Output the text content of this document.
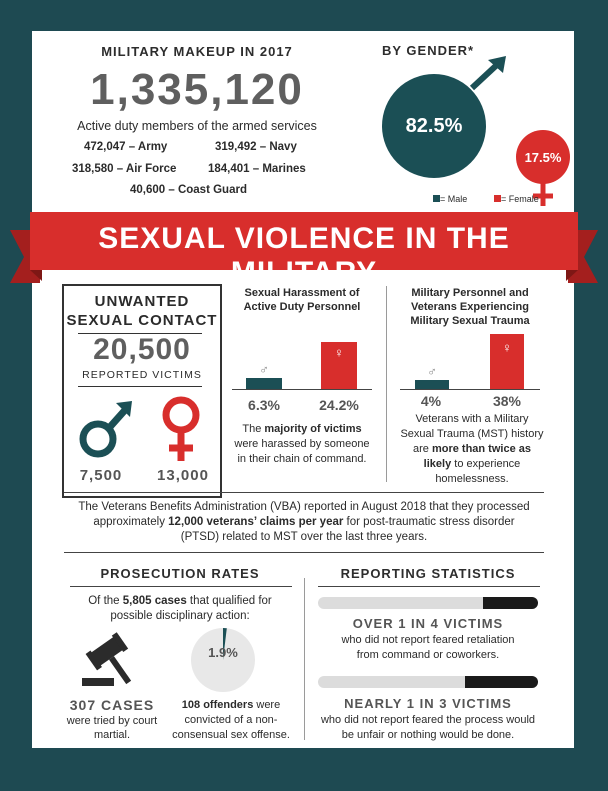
MILITARY MAKEUP IN 2017
1,335,120
Active duty members of the armed services
472,047 – Army	319,492 – Navy
318,580 – Air Force	184,401 – Marines
40,600 – Coast Guard
BY GENDER*
82.5%
17.5%
= Male	= Female
SEXUAL VIOLENCE IN THE MILITARY
UNWANTED
SEXUAL CONTACT
20,500
REPORTED VICTIMS
7,500	13,000
Sexual Harassment of Active Duty Personnel
♂
♀
6.3%	24.2%
The majority of victims were harassed by someone in their chain of command.
Military Personnel and Veterans Experiencing Military Sexual Trauma
♂
♀
4%	38%
Veterans with a Military Sexual Trauma (MST) history are more than twice as likely to experience homelessness.
The Veterans Benefits Administration (VBA) reported in August 2018 that they processed approximately 12,000 veterans’ claims per year for post-traumatic stress disorder (PTSD) related to MST over the last three years.
PROSECUTION RATES
Of the 5,805 cases that qualified for possible disciplinary action:
1.9%
307 CASES
were tried by court martial.
108 offenders were convicted of a non-consensual sex offense.
REPORTING STATISTICS
OVER 1 IN 4 VICTIMS
who did not report feared retaliation from command or coworkers.
NEARLY 1 IN 3 VICTIMS
who did not report feared the process would be unfair or nothing would be done.
